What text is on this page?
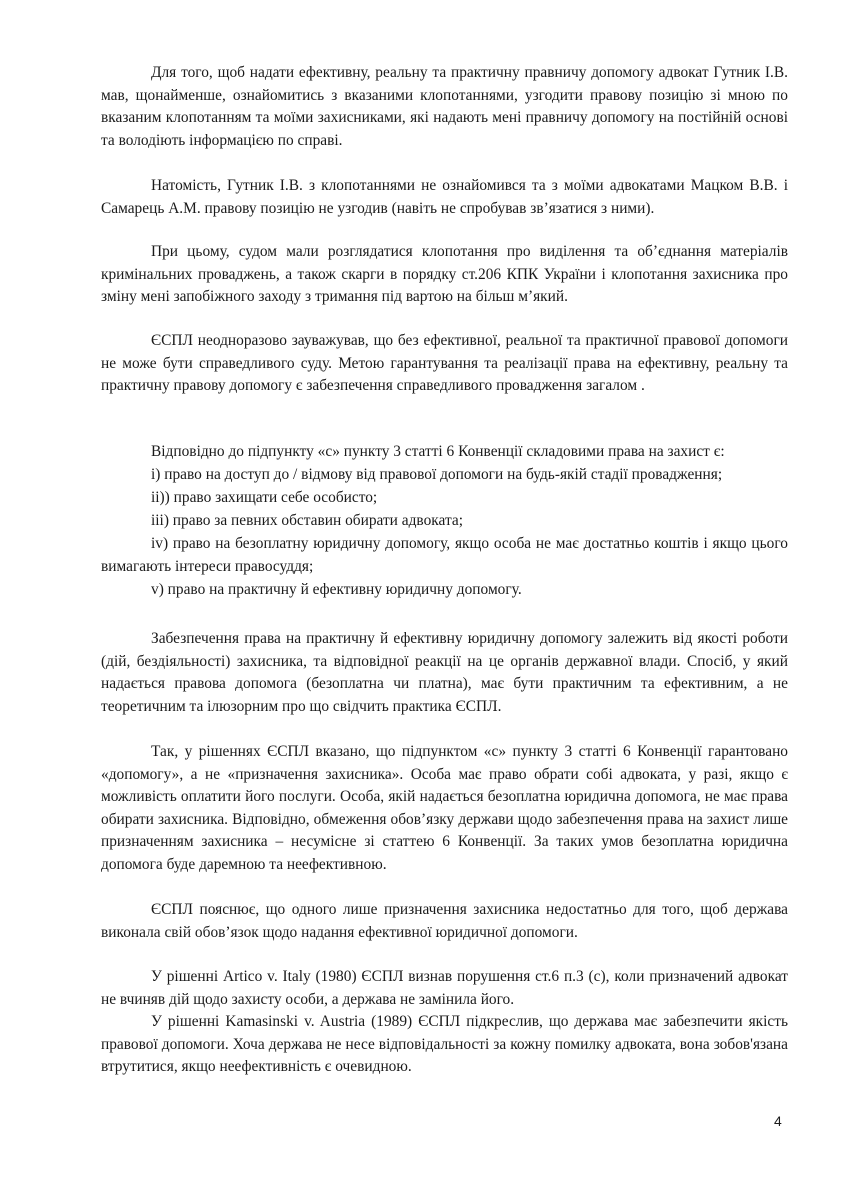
Для того, щоб надати ефективну, реальну та практичну правничу допомогу адвокат Гутник І.В. мав, щонайменше, ознайомитись з вказаними клопотаннями, узгодити правову позицію зі мною по вказаним клопотанням та моїми захисниками, які надають мені правничу допомогу на постійній основі та володіють інформацією по справі.

Натомість, Гутник І.В. з клопотаннями не ознайомився та з моїми адвокатами Мацком В.В. і Самарець А.М. правову позицію не узгодив (навіть не спробував зв’язатися з ними).

При цьому, судом мали розглядатися клопотання про виділення та об’єднання матеріалів кримінальних проваджень, а також скарги в порядку ст.206 КПК України і клопотання захисника про зміну мені запобіжного заходу з тримання під вартою на більш м’який.

ЄСПЛ неодноразово зауважував, що без ефективної, реальної та практичної правової допомоги не може бути справедливого суду. Метою гарантування та реалізації права на ефективну, реальну та практичну правову допомогу є забезпечення справедливого провадження загалом .

Відповідно до підпункту «c» пункту 3 статті 6 Конвенції складовими права на захист є:

i) право на доступ до / відмову від правової допомоги на будь-якій стадії провадження;

ii)) право захищати себе особисто;

iii) право за певних обставин обирати адвоката;

iv) право на безоплатну юридичну допомогу, якщо особа не має достатньо коштів і якщо цього вимагають інтереси правосуддя;

v) право на практичну й ефективну юридичну допомогу.

Забезпечення права на практичну й ефективну юридичну допомогу залежить від якості роботи (дій, бездіяльності) захисника, та відповідної реакції на це органів державної влади. Спосіб, у який надається правова допомога (безоплатна чи платна), має бути практичним та ефективним, а не теоретичним та ілюзорним про що свідчить практика ЄСПЛ.

Так, у рішеннях ЄСПЛ вказано, що підпунктом «с» пункту 3 статті 6 Конвенції гарантовано «допомогу», а не «призначення захисника». Особа має право обрати собі адвоката, у разі, якщо є можливість оплатити його послуги. Особа, якій надається безоплатна юридична допомога, не має права обирати захисника. Відповідно, обмеження обов’язку держави щодо забезпечення права на захист лише призначенням захисника – несумісне зі статтею 6 Конвенції. За таких умов безоплатна юридична допомога буде даремною та неефективною.

ЄСПЛ пояснює, що одного лише призначення захисника недостатньо для того, щоб держава виконала свій обов’язок щодо надання ефективної юридичної допомоги.

У рішенні Artico v. Italy (1980) ЄСПЛ визнав порушення ст.6 п.3 (c), коли призначений адвокат не вчиняв дій щодо захисту особи, а держава не замінила його.

У рішенні Kamasinski v. Austria (1989) ЄСПЛ підкреслив, що держава має забезпечити якість правової допомоги. Хоча держава не несе відповідальності за кожну помилку адвоката, вона зобов'язана втрутитися, якщо неефективність є очевидною.

4
